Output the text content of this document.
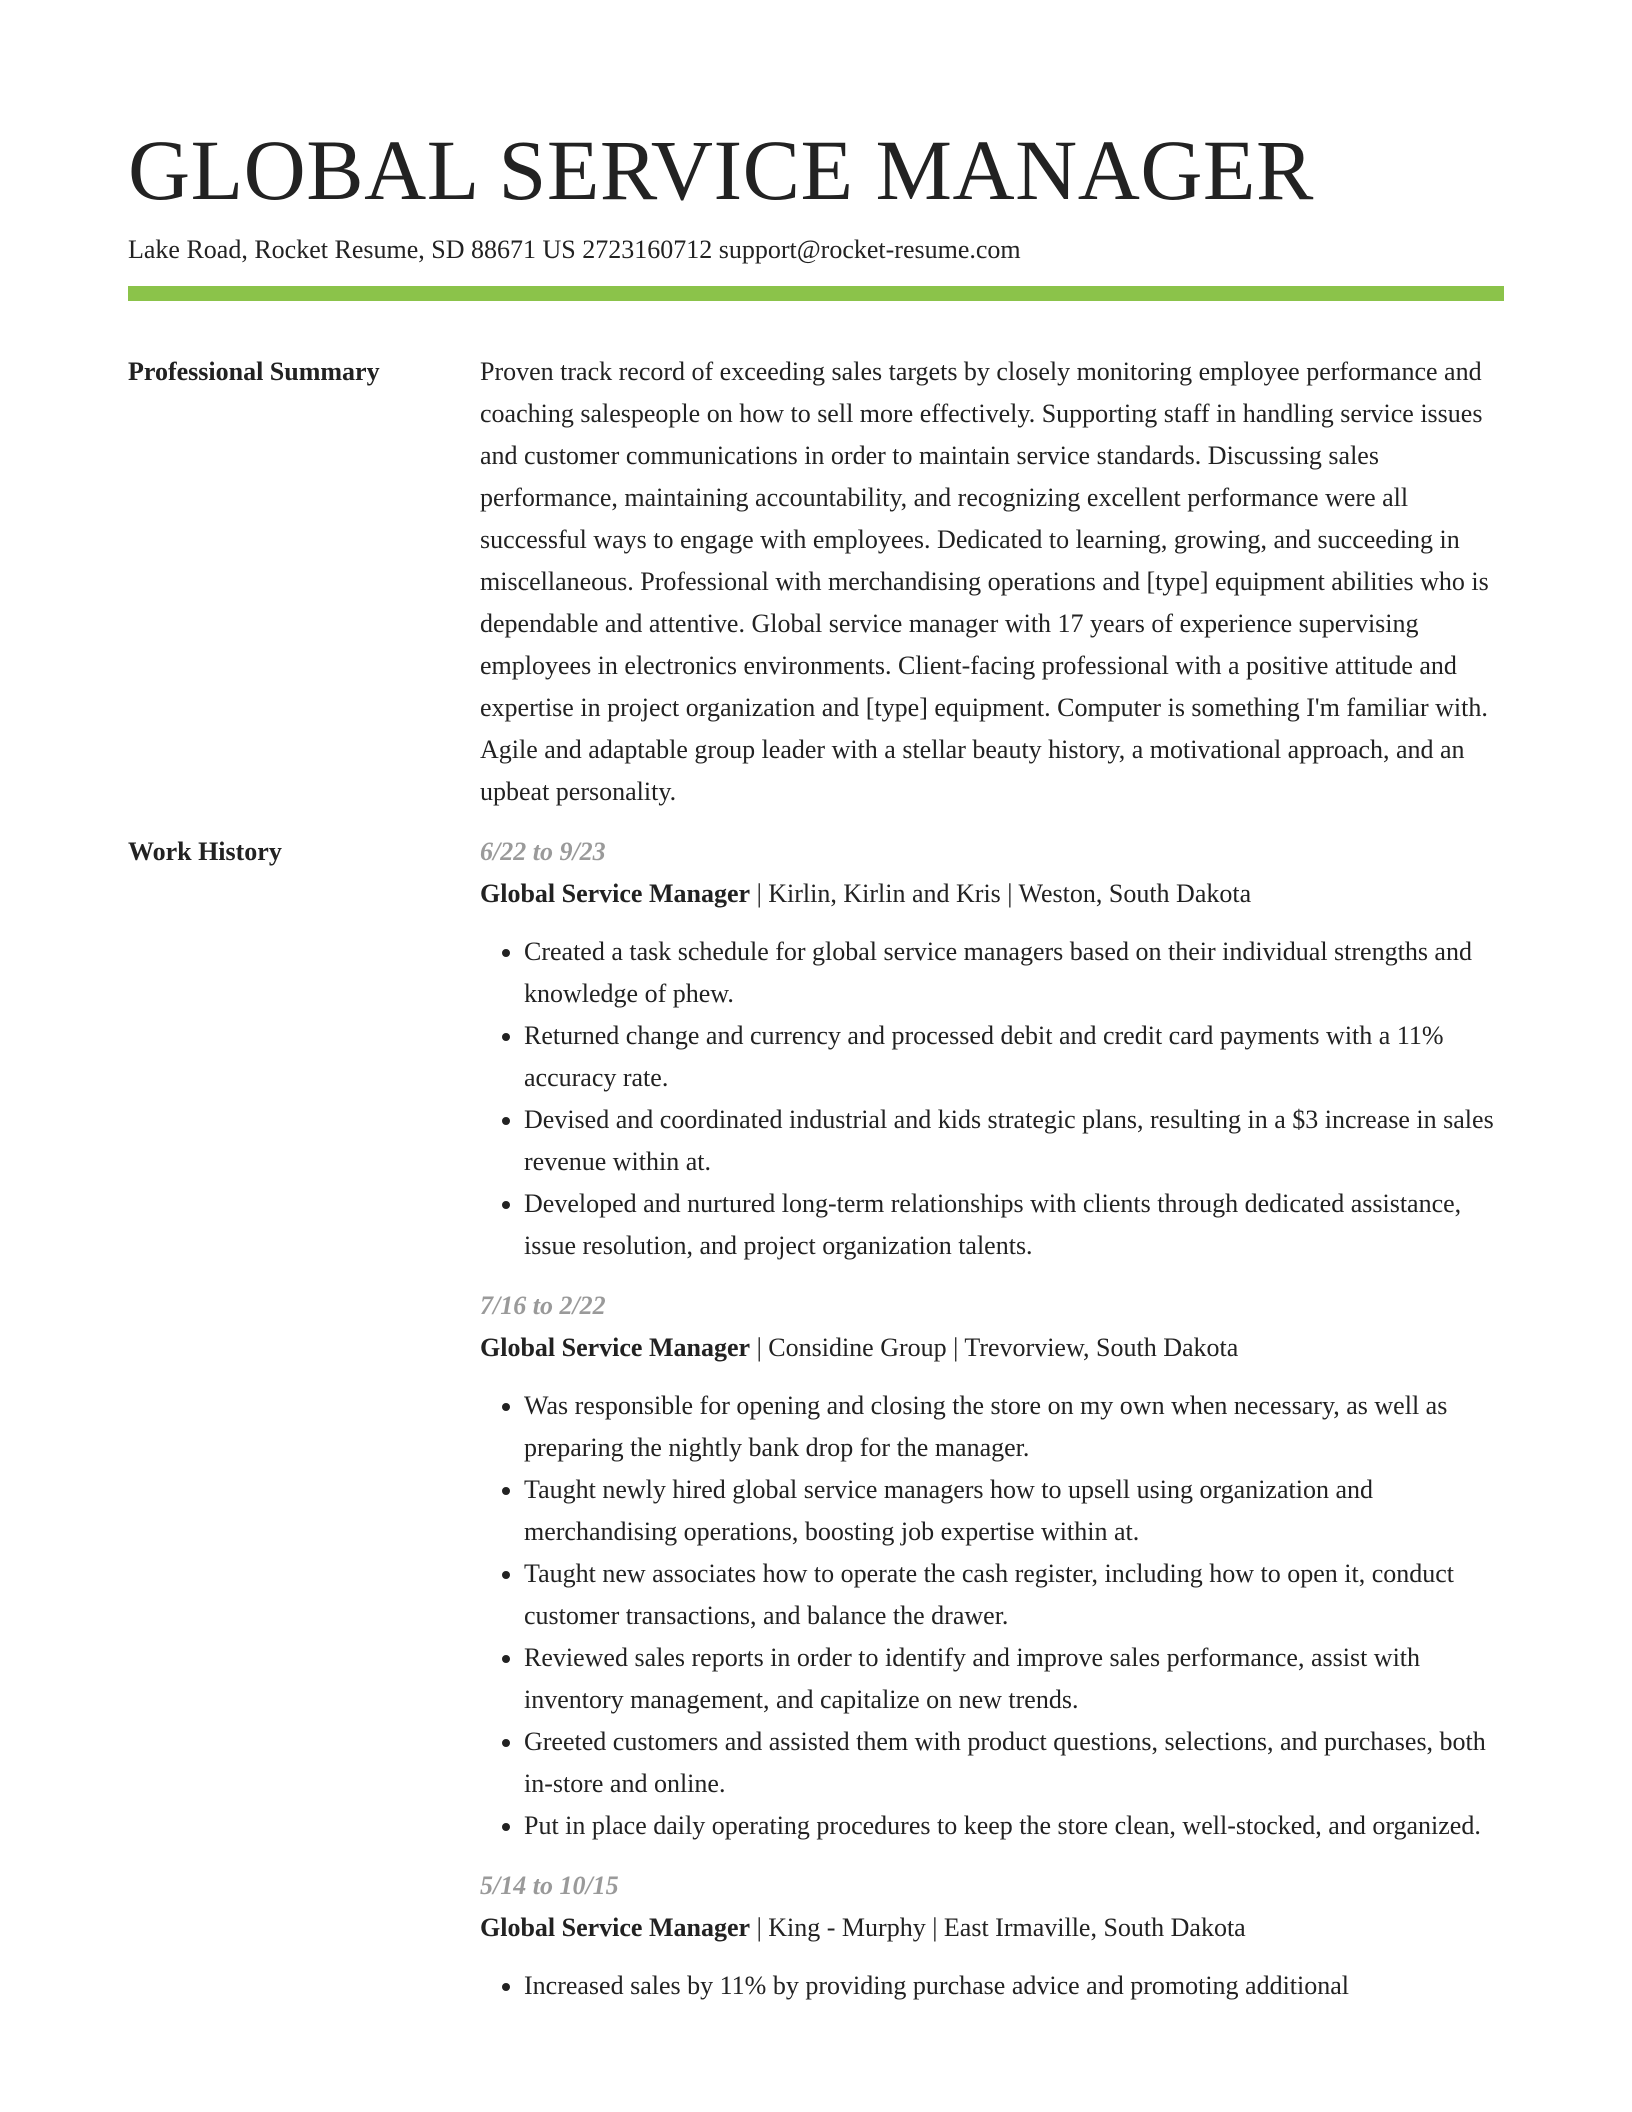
GLOBAL SERVICE MANAGER
Lake Road, Rocket Resume, SD 88671 US 2723160712 support@rocket-resume.com
Professional Summary	Proven track record of exceeding sales targets by closely monitoring employee performance and coaching salespeople on how to sell more effectively. Supporting staff in handling service issues and customer communications in order to maintain service standards. Discussing sales performance, maintaining accountability, and recognizing excellent performance were all successful ways to engage with employees. Dedicated to learning, growing, and succeeding in miscellaneous. Professional with merchandising operations and [type] equipment abilities who is dependable and attentive. Global service manager with 17 years of experience supervising employees in electronics environments. Client-facing professional with a positive attitude and expertise in project organization and [type] equipment. Computer is something I'm familiar with. Agile and adaptable group leader with a stellar beauty history, a motivational approach, and an upbeat personality.

Work History	6/22 to 9/23
Global Service Manager | Kirlin, Kirlin and Kris | Weston, South Dakota
• Created a task schedule for global service managers based on their individual strengths and knowledge of phew.
• Returned change and currency and processed debit and credit card payments with a 11% accuracy rate.
• Devised and coordinated industrial and kids strategic plans, resulting in a $3 increase in sales revenue within at.
• Developed and nurtured long-term relationships with clients through dedicated assistance, issue resolution, and project organization talents.
7/16 to 2/22
Global Service Manager | Considine Group | Trevorview, South Dakota
• Was responsible for opening and closing the store on my own when necessary, as well as preparing the nightly bank drop for the manager.
• Taught newly hired global service managers how to upsell using organization and merchandising operations, boosting job expertise within at.
• Taught new associates how to operate the cash register, including how to open it, conduct customer transactions, and balance the drawer.
• Reviewed sales reports in order to identify and improve sales performance, assist with inventory management, and capitalize on new trends.
• Greeted customers and assisted them with product questions, selections, and purchases, both in-store and online.
• Put in place daily operating procedures to keep the store clean, well-stocked, and organized.
5/14 to 10/15
Global Service Manager | King - Murphy | East Irmaville, South Dakota
• Increased sales by 11% by providing purchase advice and promoting additional
